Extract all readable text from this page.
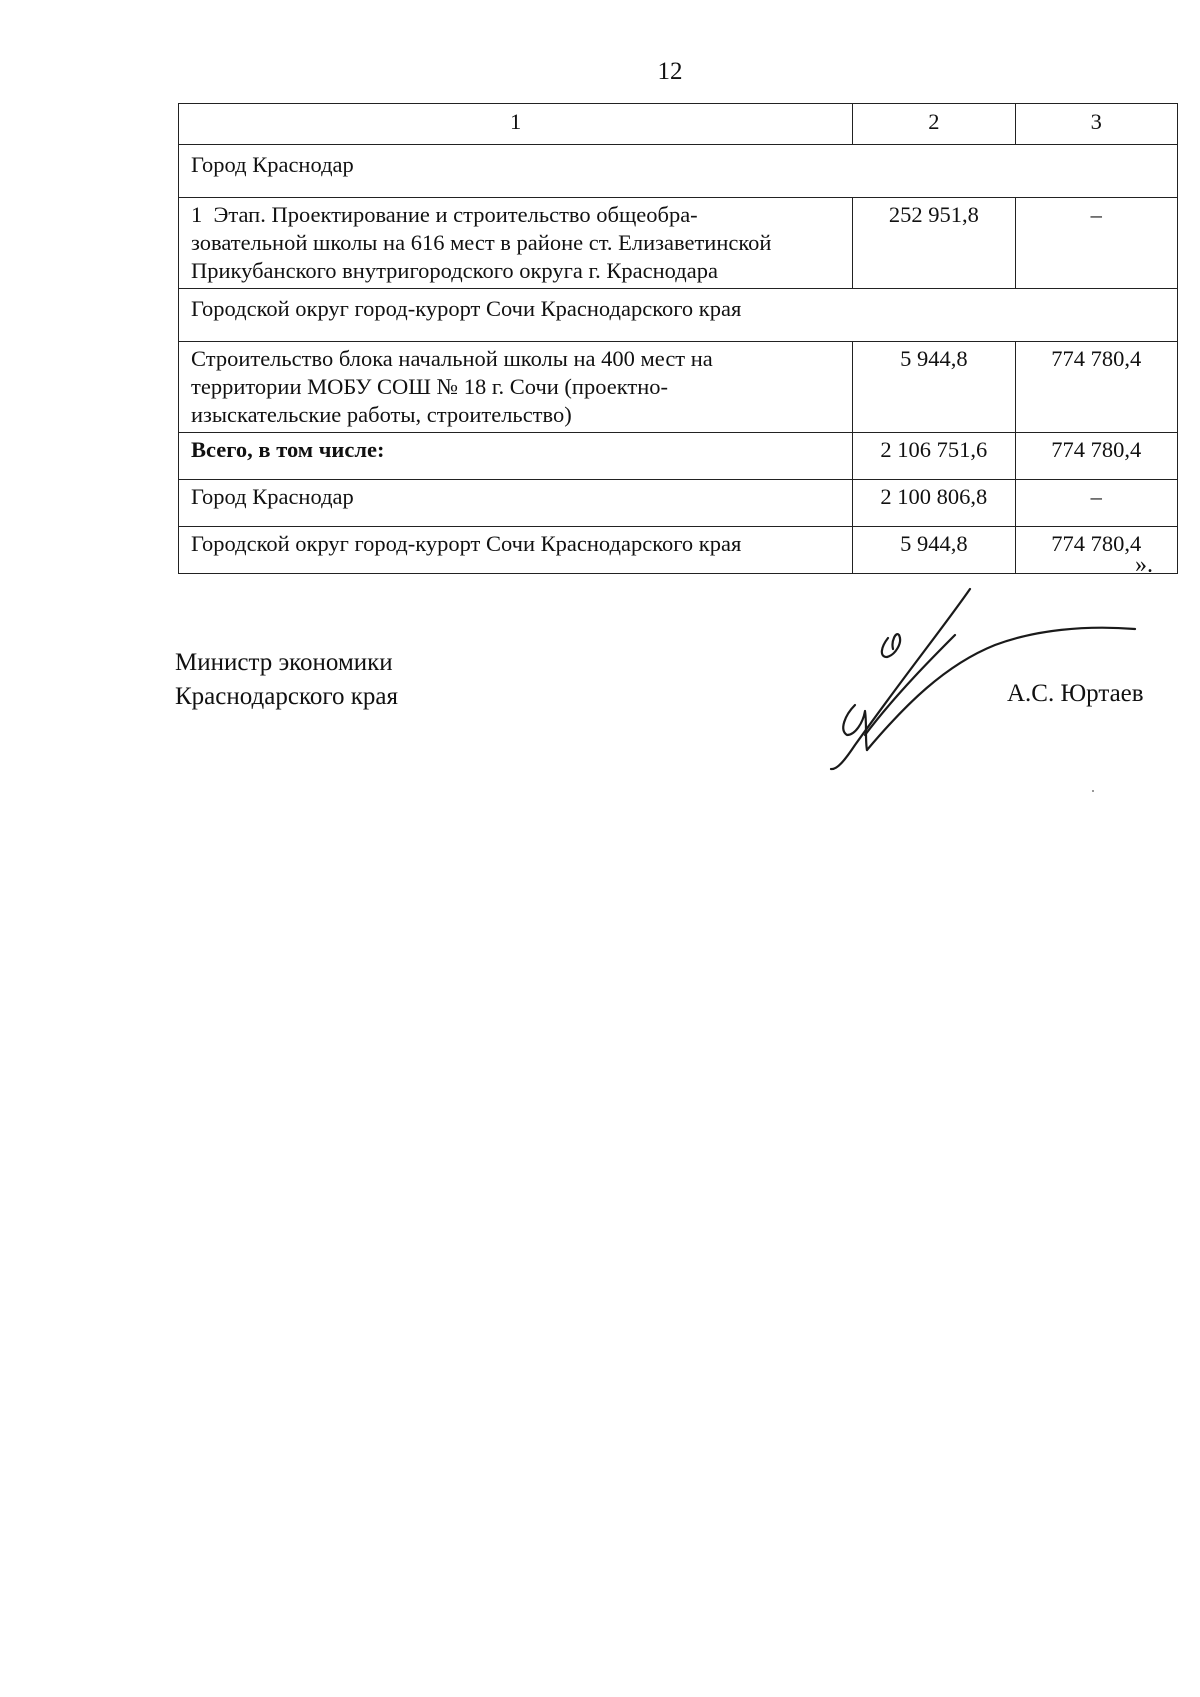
12
1	2	3
Город Краснодар		
1  Этап. Проектирование и строительство общеобра-
зовательной школы на 616 мест в районе ст. Елизаветинской
Прикубанского внутригородского округа г. Краснодара	252 951,8	–
Городской округ город-курорт Сочи Краснодарского края		
Строительство блока начальной школы на 400 мест на
территории МОБУ СОШ № 18 г. Сочи (проектно-
изыскательские работы, строительство)	5 944,8	774 780,4
Всего, в том числе:	2 106 751,6	774 780,4
Город Краснодар	2 100 806,8	–
Городской округ город-курорт Сочи Краснодарского края	5 944,8	774 780,4
».
Министр экономики
Краснодарского края	А.С. Юртаев
